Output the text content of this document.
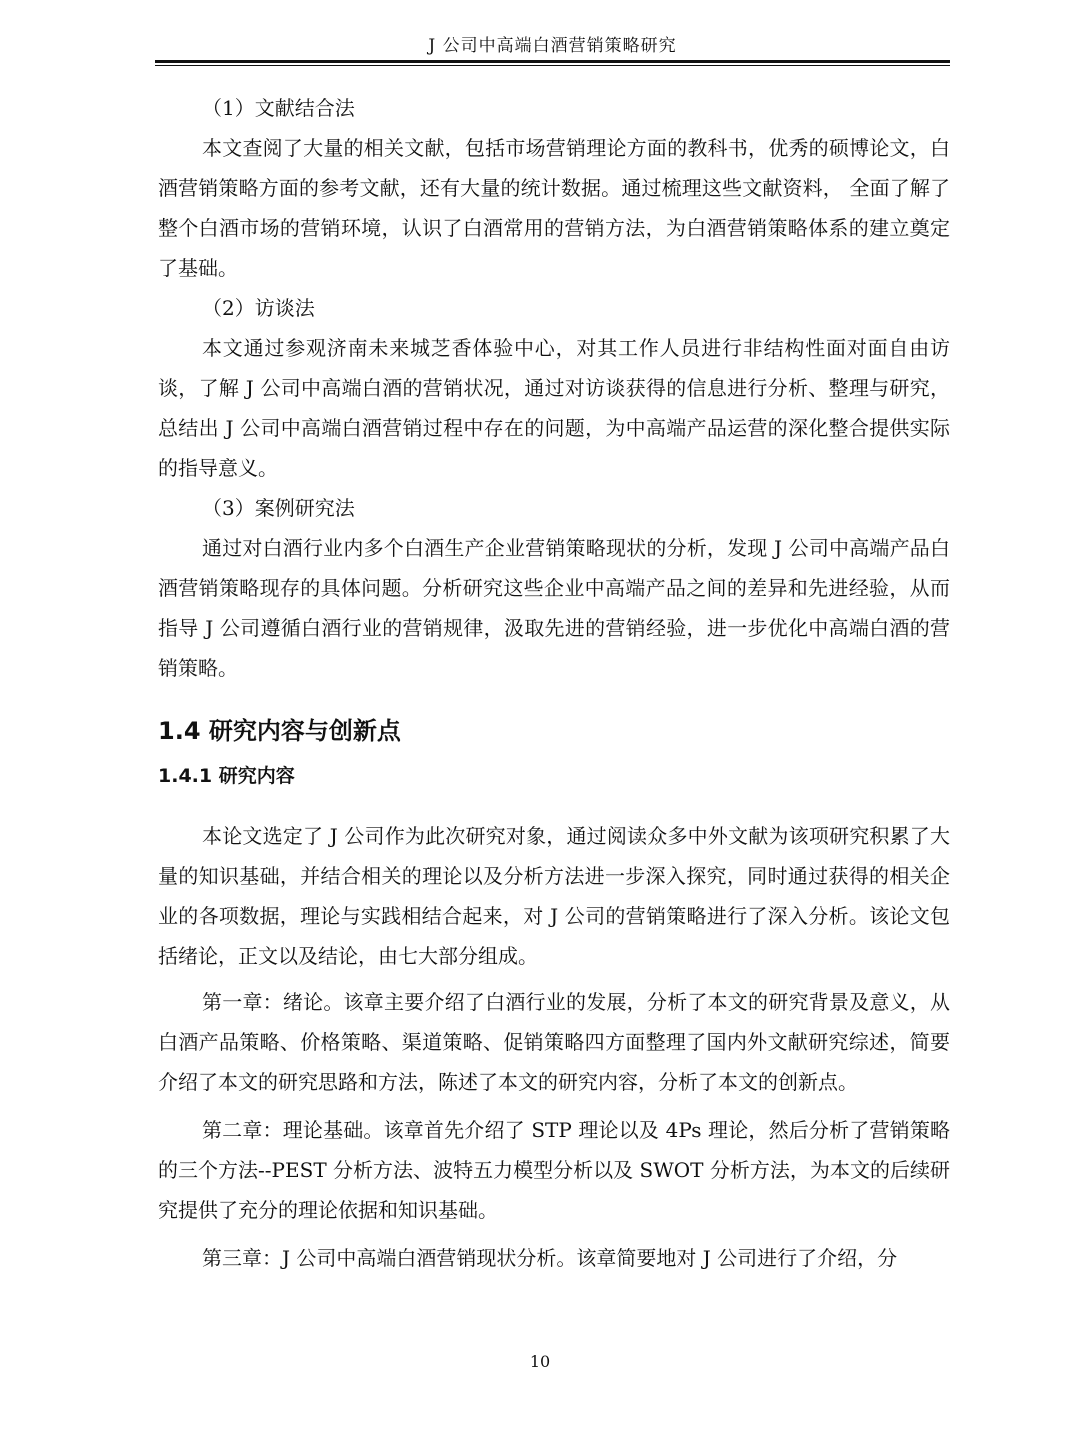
J 公司中高端白酒营销策略研究

（1）文献结合法

本文查阅了大量的相关文献，包括市场营销理论方面的教科书，优秀的硕博论文，白酒营销策略方面的参考文献，还有大量的统计数据。通过梳理这些文献资料， 全面了解了整个白酒市场的营销环境，认识了白酒常用的营销方法，为白酒营销策略体系的建立奠定了基础。

（2）访谈法

本文通过参观济南未来城芝香体验中心，对其工作人员进行非结构性面对面自由访谈，了解 J 公司中高端白酒的营销状况，通过对访谈获得的信息进行分析、整理与研究，总结出 J 公司中高端白酒营销过程中存在的问题，为中高端产品运营的深化整合提供实际的指导意义。

（3）案例研究法

通过对白酒行业内多个白酒生产企业营销策略现状的分析，发现 J 公司中高端产品白酒营销策略现存的具体问题。分析研究这些企业中高端产品之间的差异和先进经验，从而指导 J 公司遵循白酒行业的营销规律，汲取先进的营销经验，进一步优化中高端白酒的营销策略。

1.4 研究内容与创新点
1.4.1 研究内容

本论文选定了 J 公司作为此次研究对象，通过阅读众多中外文献为该项研究积累了大量的知识基础，并结合相关的理论以及分析方法进一步深入探究，同时通过获得的相关企业的各项数据，理论与实践相结合起来，对 J 公司的营销策略进行了深入分析。该论文包括绪论，正文以及结论，由七大部分组成。

第一章：绪论。该章主要介绍了白酒行业的发展，分析了本文的研究背景及意义，从白酒产品策略、价格策略、渠道策略、促销策略四方面整理了国内外文献研究综述，简要介绍了本文的研究思路和方法，陈述了本文的研究内容，分析了本文的创新点。

第二章：理论基础。该章首先介绍了 STP 理论以及 4Ps 理论，然后分析了营销策略的三个方法--PEST 分析方法、波特五力模型分析以及 SWOT 分析方法，为本文的后续研究提供了充分的理论依据和知识基础。

第三章：J 公司中高端白酒营销现状分析。该章简要地对 J 公司进行了介绍，分

10
